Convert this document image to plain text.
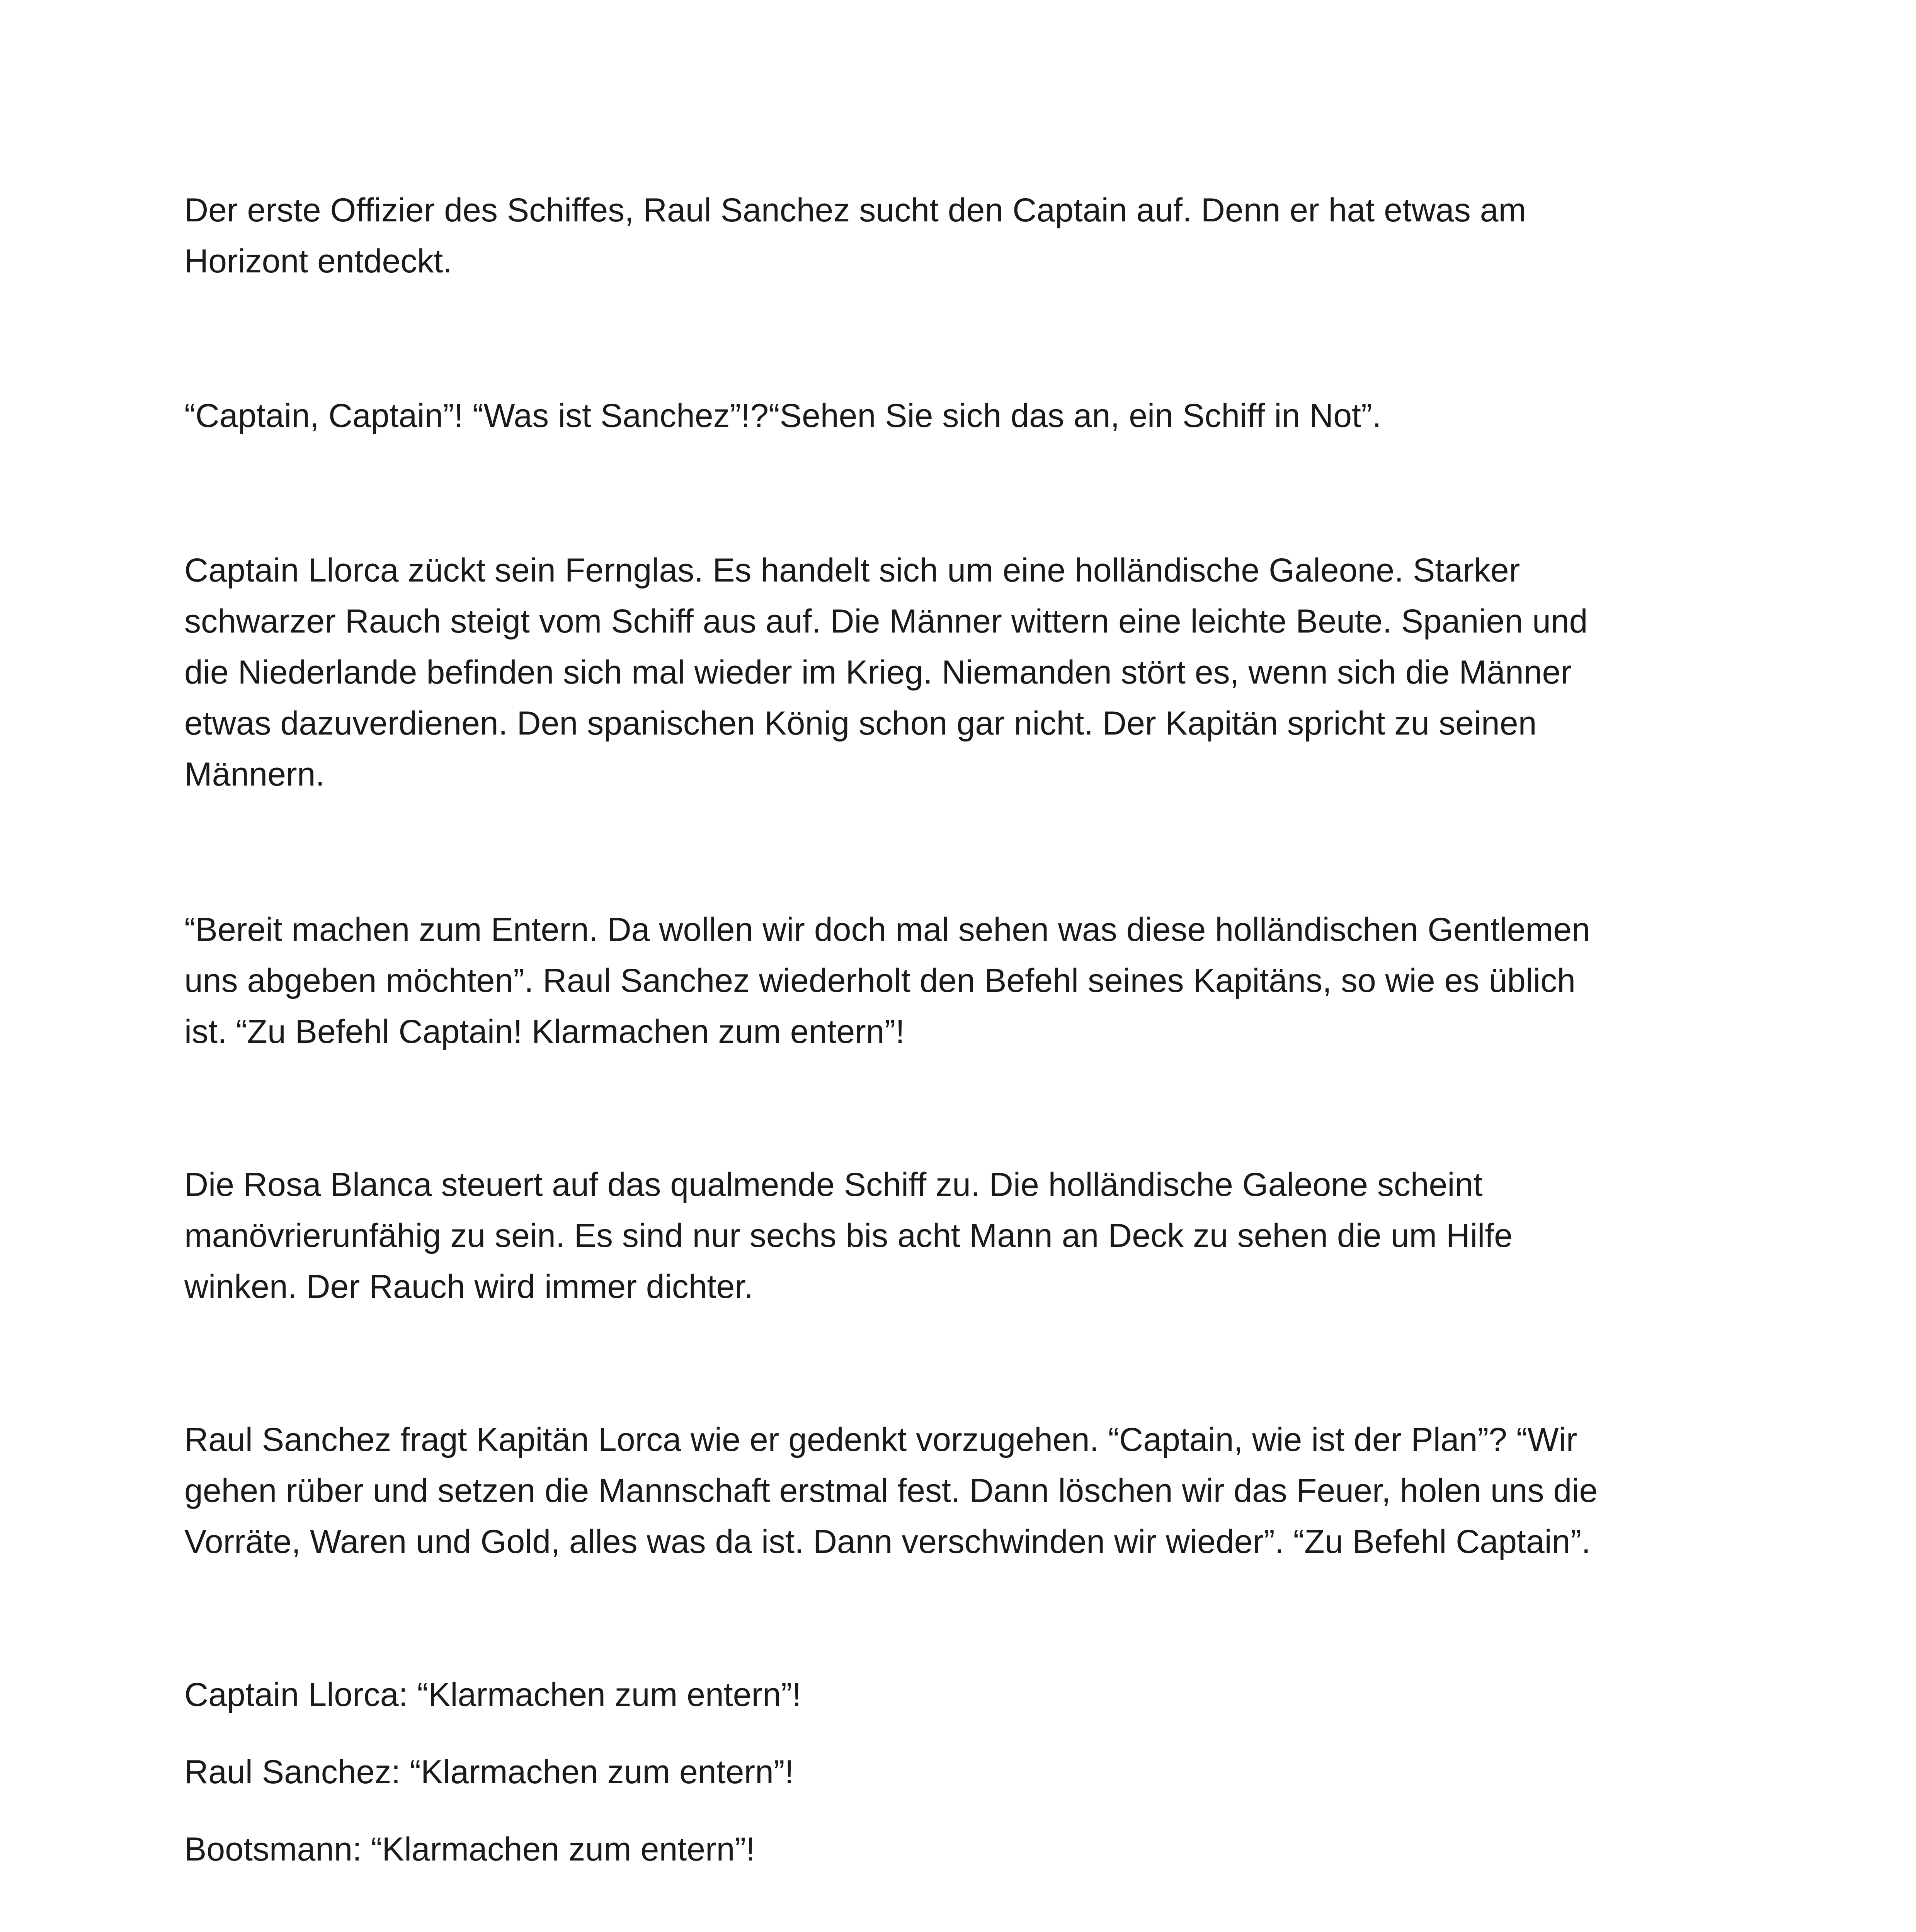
Der erste Offizier des Schiffes, Raul Sanchez sucht den Captain auf. Denn er hat etwas am
Horizont entdeckt.

“Captain, Captain”! “Was ist Sanchez”!?“Sehen Sie sich das an, ein Schiff in Not”.

Captain Llorca zückt sein Fernglas. Es handelt sich um eine holländische Galeone. Starker
schwarzer Rauch steigt vom Schiff aus auf. Die Männer wittern eine leichte Beute. Spanien und
die Niederlande befinden sich mal wieder im Krieg. Niemanden stört es, wenn sich die Männer
etwas dazuverdienen. Den spanischen König schon gar nicht. Der Kapitän spricht zu seinen
Männern.

“Bereit machen zum Entern. Da wollen wir doch mal sehen was diese holländischen Gentlemen
uns abgeben möchten”. Raul Sanchez wiederholt den Befehl seines Kapitäns, so wie es üblich
ist. “Zu Befehl Captain! Klarmachen zum entern”!

Die Rosa Blanca steuert auf das qualmende Schiff zu. Die holländische Galeone scheint
manövrierunfähig zu sein. Es sind nur sechs bis acht Mann an Deck zu sehen die um Hilfe
winken. Der Rauch wird immer dichter.

Raul Sanchez fragt Kapitän Lorca wie er gedenkt vorzugehen. “Captain, wie ist der Plan”? “Wir
gehen rüber und setzen die Mannschaft erstmal fest. Dann löschen wir das Feuer, holen uns die
Vorräte, Waren und Gold, alles was da ist. Dann verschwinden wir wieder”. “Zu Befehl Captain”.

Captain Llorca: “Klarmachen zum entern”!

Raul Sanchez: “Klarmachen zum entern”!

Bootsmann: “Klarmachen zum entern”!
